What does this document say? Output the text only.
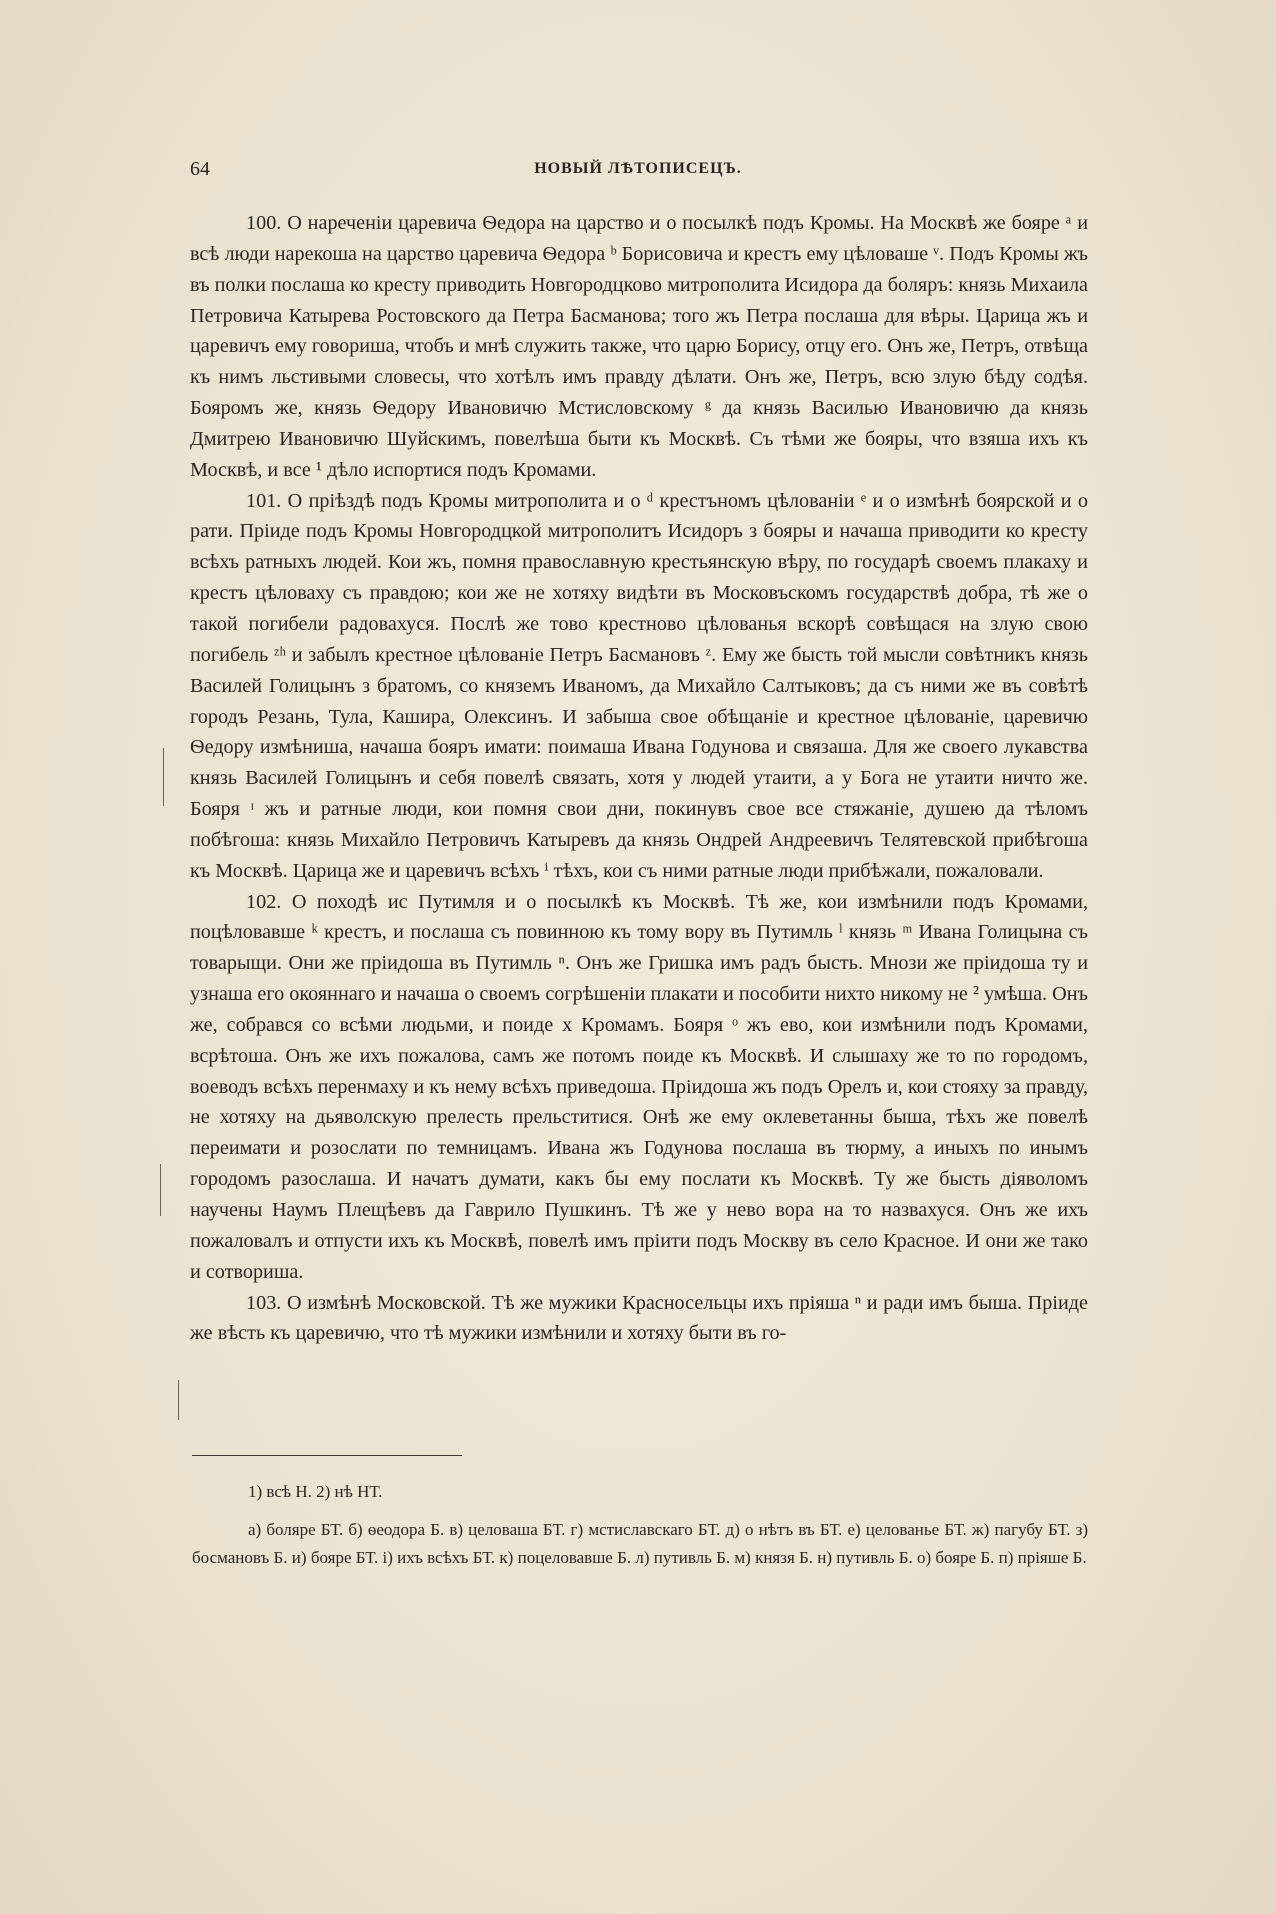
64	НОВЫЙ ЛѢТОПИСЕЦЪ.

100. О нареченіи царевича Ѳедора на царство и о посылкѣ подъ Кромы. На Москвѣ же бояре ᵃ и всѣ люди нарекоша на царство царевича Ѳедора ᵇ Борисовича и крестъ ему цѣловаше ᵛ. Подъ Кромы жъ въ полки послаша ко кресту приводить Новгородцково митрополита Исидора да боляръ: князь Михаила Петровича Катырева Ростовского да Петра Басманова; того жъ Петра послаша для вѣры. Царица жъ и царевичъ ему говориша, чтобъ и мнѣ служить также, что царю Борису, отцу его. Онъ же, Петръ, отвѣща къ нимъ льстивыми словесы, что хотѣлъ имъ правду дѣлати. Онъ же, Петръ, всю злую бѣду содѣя. Бояромъ же, князь Ѳедору Ивановичю Мстисловскому ᵍ да князь Василью Ивановичю да князь Дмитрею Ивановичю Шуйскимъ, повелѣша быти къ Москвѣ. Съ тѣми же бояры, что взяша ихъ къ Москвѣ, и все ¹ дѣло испортися подъ Кромами.

101. О пріѣздѣ подъ Кромы митрополита и о ᵈ крестъномъ цѣлованіи ᵉ и о измѣнѣ боярской и о рати. Пріиде подъ Кромы Новгородцкой митрополитъ Исидоръ з бояры и начаша приводити ко кресту всѣхъ ратныхъ людей. Кои жъ, помня православную крестьянскую вѣру, по государѣ своемъ плакаху и крестъ цѣловаху съ правдою; кои же не хотяху видѣти въ Московъскомъ государствѣ добра, тѣ же о такой погибели радовахуся. Послѣ же тово крестново цѣлованья вскорѣ совѣщася на злую свою погибель ᶻʰ и забылъ крестное цѣлованіе Петръ Басмановъ ᶻ. Ему же бысть той мысли совѣтникъ князь Василей Голицынъ з братомъ, со княземъ Иваномъ, да Михайло Салтыковъ; да съ ними же въ совѣтѣ городъ Резань, Тула, Кашира, Олексинъ. И забыша свое обѣщаніе и крестное цѣлованіе, царевичю Ѳедору измѣниша, начаша бояръ имати: поимаша Ивана Годунова и связаша. Для же своего лукавства князь Василей Голицынъ и себя повелѣ связать, хотя у людей утаити, а у Бога не утаити ничто же. Бояря ᶦ жъ и ратные люди, кои помня свои дни, покинувъ свое все стяжаніе, душею да тѣломъ побѣгоша: князь Михайло Петровичъ Катыревъ да князь Ондрей Андреевичъ Телятевской прибѣгоша къ Москвѣ. Царица же и царевичъ всѣхъ ⁱ тѣхъ, кои съ ними ратные люди прибѣжали, пожаловали.

102. О походѣ ис Путимля и о посылкѣ къ Москвѣ. Тѣ же, кои измѣнили подъ Кромами, поцѣловавше ᵏ крестъ, и послаша съ повинною къ тому вору въ Путимль ˡ князь ᵐ Ивана Голицына съ товарыщи. Они же пріидоша въ Путимль ⁿ. Онъ же Гришка имъ радъ бысть. Мнози же пріидоша ту и узнаша его окояннаго и начаша о своемъ согрѣшеніи плакати и пособити нихто никому не ² умѣша. Онъ же, собрався со всѣми людьми, и поиде х Кромамъ. Бояря ᵒ жъ ево, кои измѣнили подъ Кромами, всрѣтоша. Онъ же ихъ пожалова, самъ же потомъ поиде къ Москвѣ. И слышаху же то по городомъ, воеводъ всѣхъ перенмаху и къ нему всѣхъ приведоша. Пріидоша жъ подъ Орелъ и, кои стояху за правду, не хотяху на дьяволскую прелесть прельститися. Онѣ же ему оклеветанны быша, тѣхъ же повелѣ переимати и розослати по темницамъ. Ивана жъ Годунова послаша въ тюрму, а иныхъ по инымъ городомъ разослаша. И начатъ думати, какъ бы ему послати къ Москвѣ. Ту же бысть діяволомъ научены Наумъ Плещѣевъ да Гаврило Пушкинъ. Тѣ же у нево вора на то назвахуся. Онъ же ихъ пожаловалъ и отпусти ихъ къ Москвѣ, повелѣ имъ пріити подъ Москву въ село Красное. И они же тако и сотвориша.

103. О измѣнѣ Московской. Тѣ же мужики Красносельцы ихъ пріяша ⁿ и ради имъ быша. Пріиде же вѣсть къ царевичю, что тѣ мужики измѣнили и хотяху быти въ го-

1) всѣ Н. 2) нѣ НТ.

а) боляре БТ. б) ѳеодора Б. в) целоваша БТ. г) мстиславскаго БТ. д) о нѣтъ въ БТ. е) целованье БТ. ж) пагубу БТ. з) босмановъ Б. и) бояре БТ. і) ихъ всѣхъ БТ. к) поцеловавше Б. л) путивль Б. м) князя Б. н) путивль Б. о) бояре Б. п) пріяше Б.
